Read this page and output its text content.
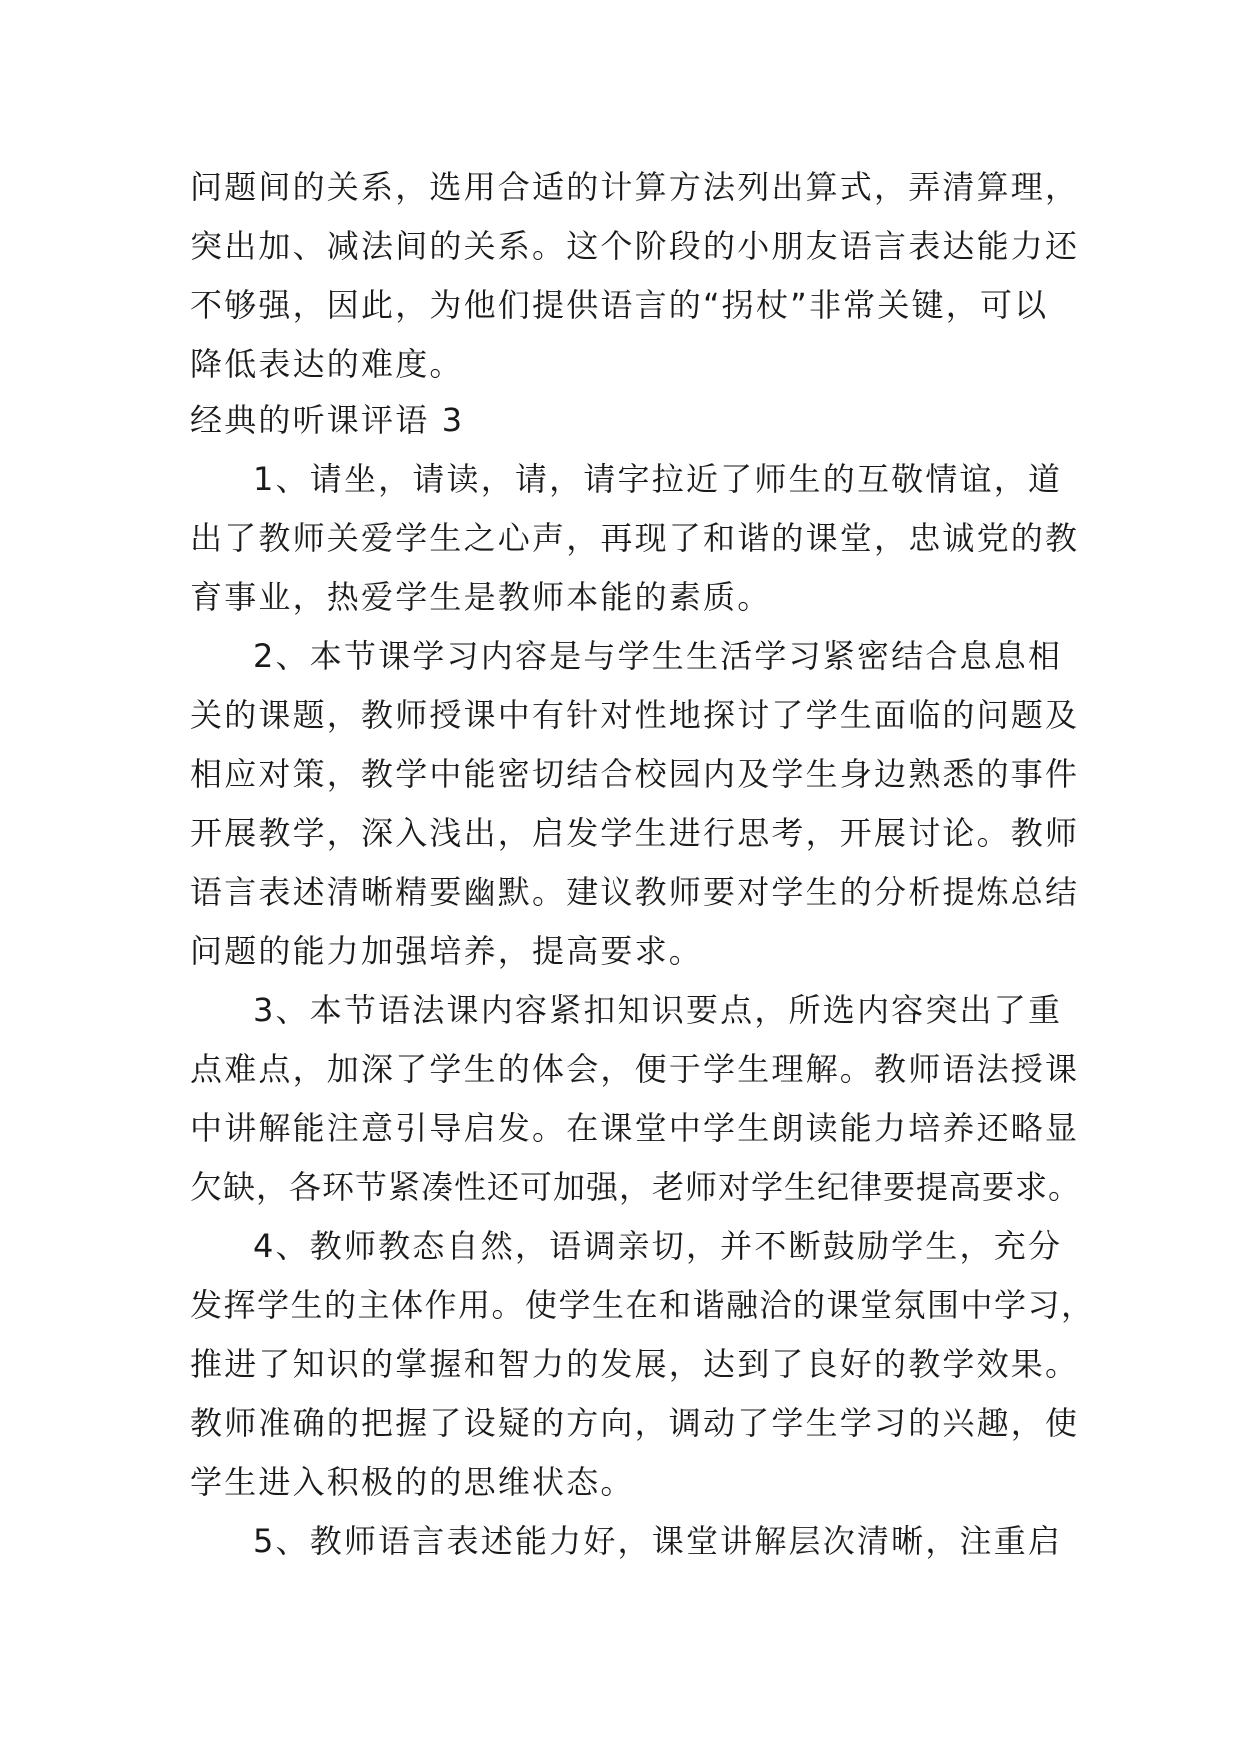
问题间的关系，选用合适的计算方法列出算式，弄清算理，
突出加、减法间的关系。这个阶段的小朋友语言表达能力还
不够强，因此，为他们提供语言的“拐杖”非常关键，可以
降低表达的难度。
经典的听课评语 3
1、请坐，请读，请，请字拉近了师生的互敬情谊，道
出了教师关爱学生之心声，再现了和谐的课堂，忠诚党的教
育事业，热爱学生是教师本能的素质。
2、本节课学习内容是与学生生活学习紧密结合息息相
关的课题，教师授课中有针对性地探讨了学生面临的问题及
相应对策，教学中能密切结合校园内及学生身边熟悉的事件
开展教学，深入浅出，启发学生进行思考，开展讨论。教师
语言表述清晰精要幽默。建议教师要对学生的分析提炼总结
问题的能力加强培养，提高要求。
3、本节语法课内容紧扣知识要点，所选内容突出了重
点难点，加深了学生的体会，便于学生理解。教师语法授课
中讲解能注意引导启发。在课堂中学生朗读能力培养还略显
欠缺，各环节紧凑性还可加强，老师对学生纪律要提高要求。
4、教师教态自然，语调亲切，并不断鼓励学生，充分
发挥学生的主体作用。使学生在和谐融洽的课堂氛围中学习，
推进了知识的掌握和智力的发展，达到了良好的教学效果。
教师准确的把握了设疑的方向，调动了学生学习的兴趣，使
学生进入积极的的思维状态。
5、教师语言表述能力好，课堂讲解层次清晰，注重启
